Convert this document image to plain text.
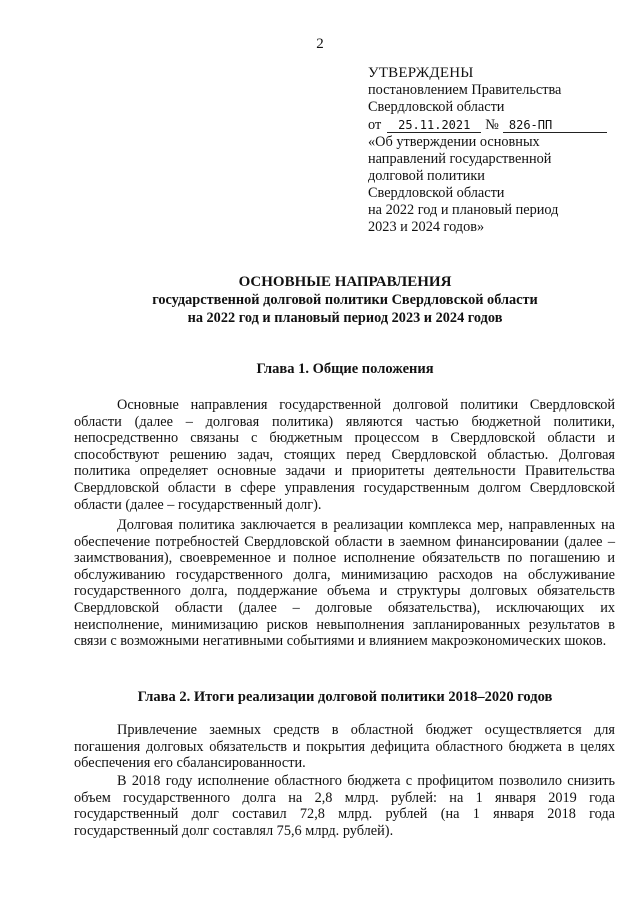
2
УТВЕРЖДЕНЫ
постановлением Правительства
Свердловской области
от	25.11.2021	№ 826-ПП
«Об утверждении основных
направлений государственной
долговой политики
Свердловской области
на 2022 год и плановый период
2023 и 2024 годов»
ОСНОВНЫЕ НАПРАВЛЕНИЯ
государственной долговой политики Свердловской области
на 2022 год и плановый период 2023 и 2024 годов
Глава 1. Общие положения

Основные направления государственной долговой политики Свердловской области (далее – долговая политика) являются частью бюджетной политики, непосредственно связаны с бюджетным процессом в Свердловской области и способствуют решению задач, стоящих перед Свердловской областью. Долговая политика определяет основные задачи и приоритеты деятельности Правительства Свердловской области в сфере управления государственным долгом Свердловской области (далее – государственный долг).

Долговая политика заключается в реализации комплекса мер, направленных на обеспечение потребностей Свердловской области в заемном финансировании (далее – заимствования), своевременное и полное исполнение обязательств по погашению и обслуживанию государственного долга, минимизацию расходов на обслуживание государственного долга, поддержание объема и структуры долговых обязательств Свердловской области (далее – долговые обязательства), исключающих их неисполнение, минимизацию рисков невыполнения запланированных результатов в связи с возможными негативными событиями и влиянием макроэкономических шоков.

Глава 2. Итоги реализации долговой политики 2018–2020 годов

Привлечение заемных средств в областной бюджет осуществляется для погашения долговых обязательств и покрытия дефицита областного бюджета в целях обеспечения его сбалансированности.

В 2018 году исполнение областного бюджета с профицитом позволило снизить объем государственного долга на 2,8 млрд. рублей: на 1 января 2019 года государственный долг составил 72,8 млрд. рублей (на 1 января 2018 года государственный долг составлял 75,6 млрд. рублей).
